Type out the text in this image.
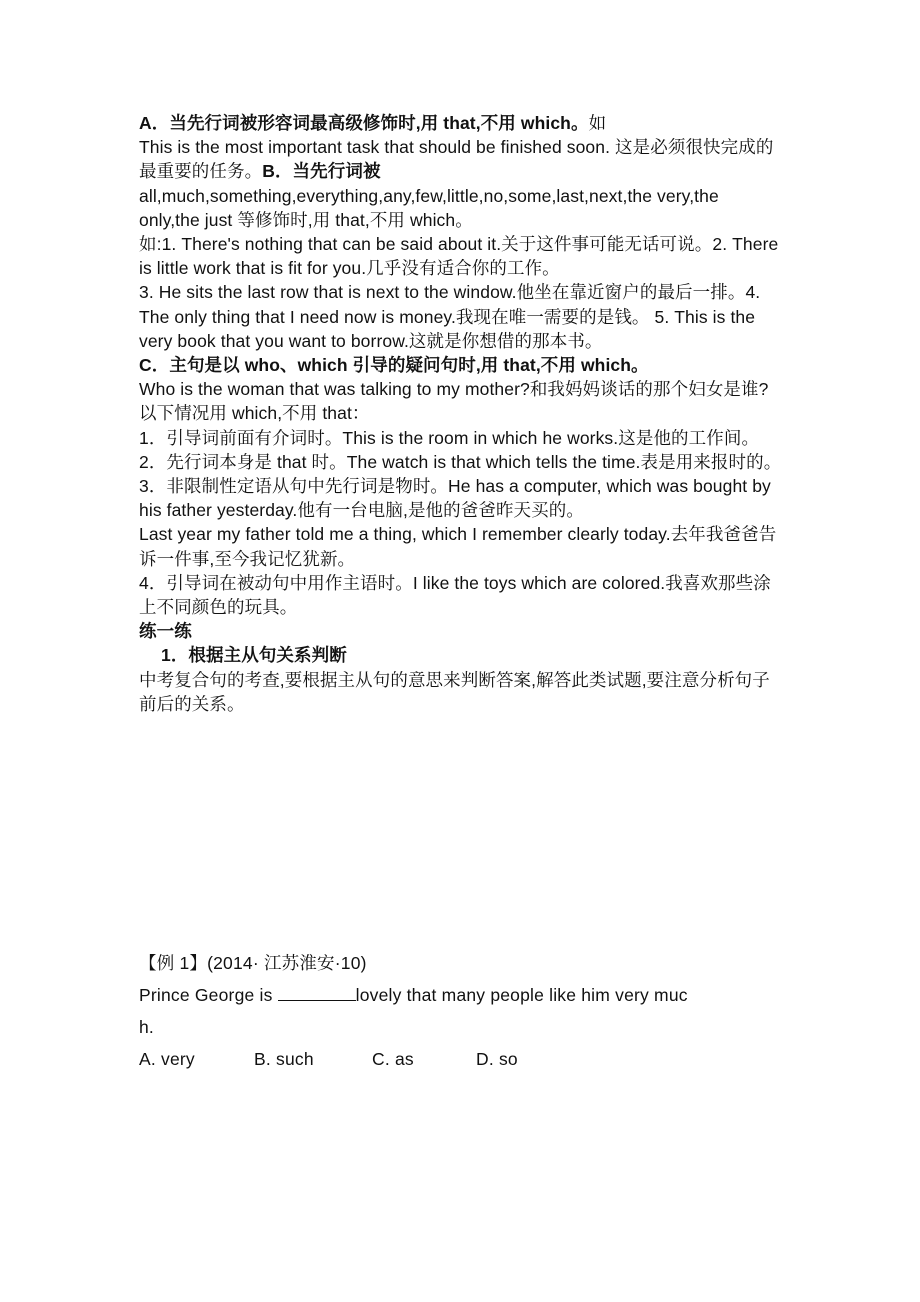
A．当先行词被形容词最高级修饰时,用 that,不用 which。如
This is the most important task that should be finished soon. 这是必须很快完成的最重要的任务。B．当先行词被
all,much,something,everything,any,few,little,no,some,last,next,the very,the only,the just 等修饰时,用 that,不用 which。

如:1. There's nothing that can be said about it.关于这件事可能无话可说。2. There is little work that is fit for you.几乎没有适合你的工作。
3. He sits the last row that is next to the window.他坐在靠近窗户的最后一排。4. The only thing that I need now is money.我现在唯一需要的是钱。 5. This is the very book that you want to borrow.这就是你想借的那本书。

C．主句是以 who、which 引导的疑问句时,用 that,不用 which。

Who is the woman that was talking to my mother?和我妈妈谈话的那个妇女是谁?

以下情况用 which,不用 that：

1．引导词前面有介词时。This is the room in which he works.这是他的工作间。

2．先行词本身是 that 时。The watch is that which tells the time.表是用来报时的。

3．非限制性定语从句中先行词是物时。He has a computer, which was bought by his father yesterday.他有一台电脑,是他的爸爸昨天买的。

Last year my father told me a thing, which I remember clearly today.去年我爸爸告诉一件事,至今我记忆犹新。

4．引导词在被动句中用作主语时。I like the toys which are colored.我喜欢那些涂上不同颜色的玩具。

练一练

1．根据主从句关系判断

中考复合句的考查,要根据主从句的意思来判断答案,解答此类试题,要注意分析句子前后的关系。

【例 1】(2014· 江苏淮安·10)
Prince George is	lovely that many people like him very muc
h.
A. very	B. such	C. as	D. so
